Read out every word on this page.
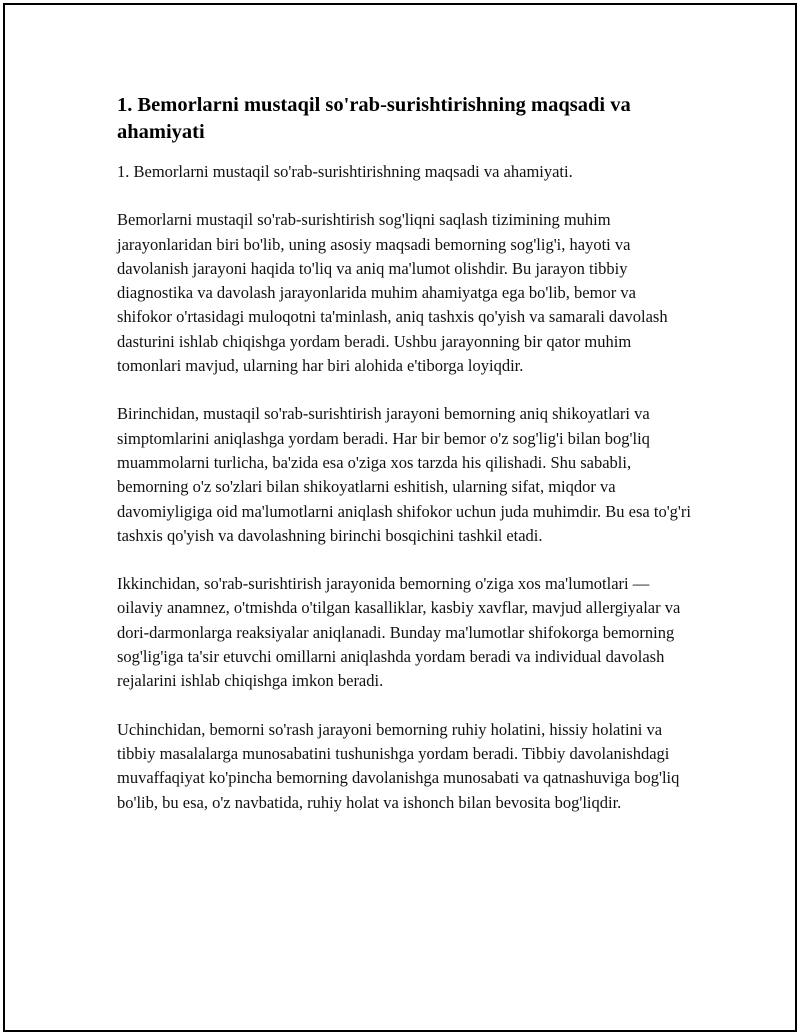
1. Bemorlarni mustaqil so'rab-surishtirishning maqsadi va ahamiyati

1. Bemorlarni mustaqil so'rab-surishtirishning maqsadi va ahamiyati.

Bemorlarni mustaqil so'rab-surishtirish sog'liqni saqlash tizimining muhim jarayonlaridan biri bo'lib, uning asosiy maqsadi bemorning sog'lig'i, hayoti va davolanish jarayoni haqida to'liq va aniq ma'lumot olishdir. Bu jarayon tibbiy diagnostika va davolash jarayonlarida muhim ahamiyatga ega bo'lib, bemor va shifokor o'rtasidagi muloqotni ta'minlash, aniq tashxis qo'yish va samarali davolash dasturini ishlab chiqishga yordam beradi. Ushbu jarayonning bir qator muhim tomonlari mavjud, ularning har biri alohida e'tiborga loyiqdir.

Birinchidan, mustaqil so'rab-surishtirish jarayoni bemorning aniq shikoyatlari va simptomlarini aniqlashga yordam beradi. Har bir bemor o'z sog'lig'i bilan bog'liq muammolarni turlicha, ba'zida esa o'ziga xos tarzda his qilishadi. Shu sababli, bemorning o'z so'zlari bilan shikoyatlarni eshitish, ularning sifat, miqdor va davomiyligiga oid ma'lumotlarni aniqlash shifokor uchun juda muhimdir. Bu esa to'g'ri tashxis qo'yish va davolashning birinchi bosqichini tashkil etadi.

Ikkinchidan, so'rab-surishtirish jarayonida bemorning o'ziga xos ma'lumotlari — oilaviy anamnez, o'tmishda o'tilgan kasalliklar, kasbiy xavflar, mavjud allergiyalar va dori-darmonlarga reaksiyalar aniqlanadi. Bunday ma'lumotlar shifokorga bemorning sog'lig'iga ta'sir etuvchi omillarni aniqlashda yordam beradi va individual davolash rejalarini ishlab chiqishga imkon beradi.

Uchinchidan, bemorni so'rash jarayoni bemorning ruhiy holatini, hissiy holatini va tibbiy masalalarga munosabatini tushunishga yordam beradi. Tibbiy davolanishdagi muvaffaqiyat ko'pincha bemorning davolanishga munosabati va qatnashuviga bog'liq bo'lib, bu esa, o'z navbatida, ruhiy holat va ishonch bilan bevosita bog'liqdir.
